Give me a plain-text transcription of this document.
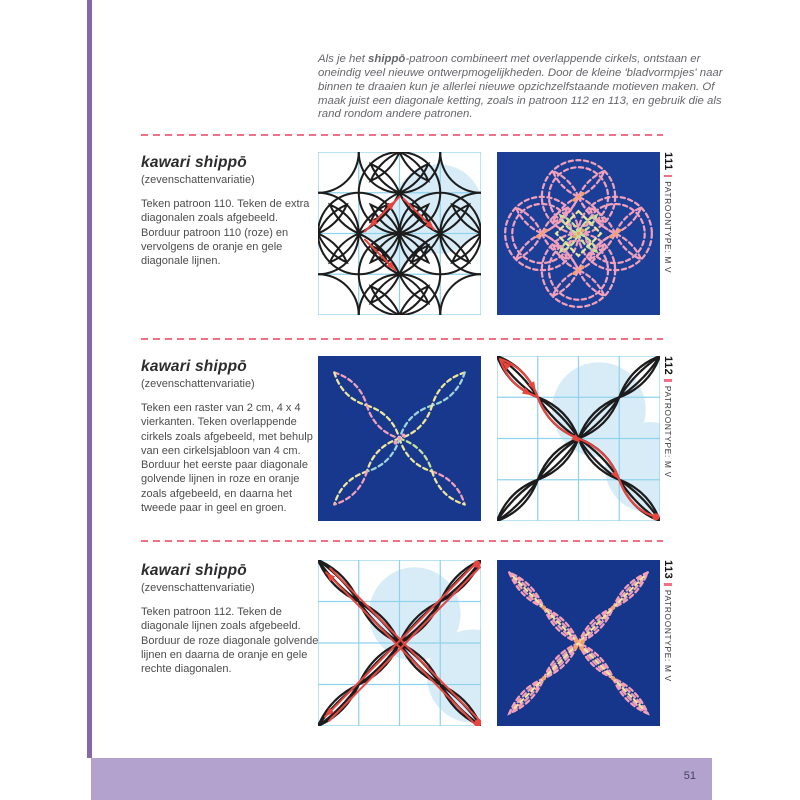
Als je het shippō-patroon combineert met overlappende cirkels, ontstaan er oneindig veel nieuwe ontwerpmogelijkheden. Door de kleine 'bladvormpjes' naar binnen te draaien kun je allerlei nieuwe opzichzelfstaande motieven maken. Of maak juist een diagonale ketting, zoals in patroon 112 en 113, en gebruik die als rand rondom andere patronen.

kawari shippō
(zevenschattenvariatie)

Teken patroon 110. Teken de extra diagonalen zoals afgebeeld. Borduur patroon 110 (roze) en vervolgens de oranje en gele diagonale lijnen.

111PATROONTYPE: M V
kawari shippō
(zevenschattenvariatie)

Teken een raster van 2 cm, 4 x 4 vierkanten. Teken overlappende cirkels zoals afgebeeld, met behulp van een cirkelsjabloon van 4 cm. Borduur het eerste paar diagonale golvende lijnen in roze en oranje zoals afgebeeld, en daarna het tweede paar in geel en groen.

112PATROONTYPE: M V
kawari shippō
(zevenschattenvariatie)

Teken patroon 112. Teken de diagonale lijnen zoals afgebeeld. Borduur de roze diagonale golvende lijnen en daarna de oranje en gele rechte diagonalen.

113PATROONTYPE: M V
51
